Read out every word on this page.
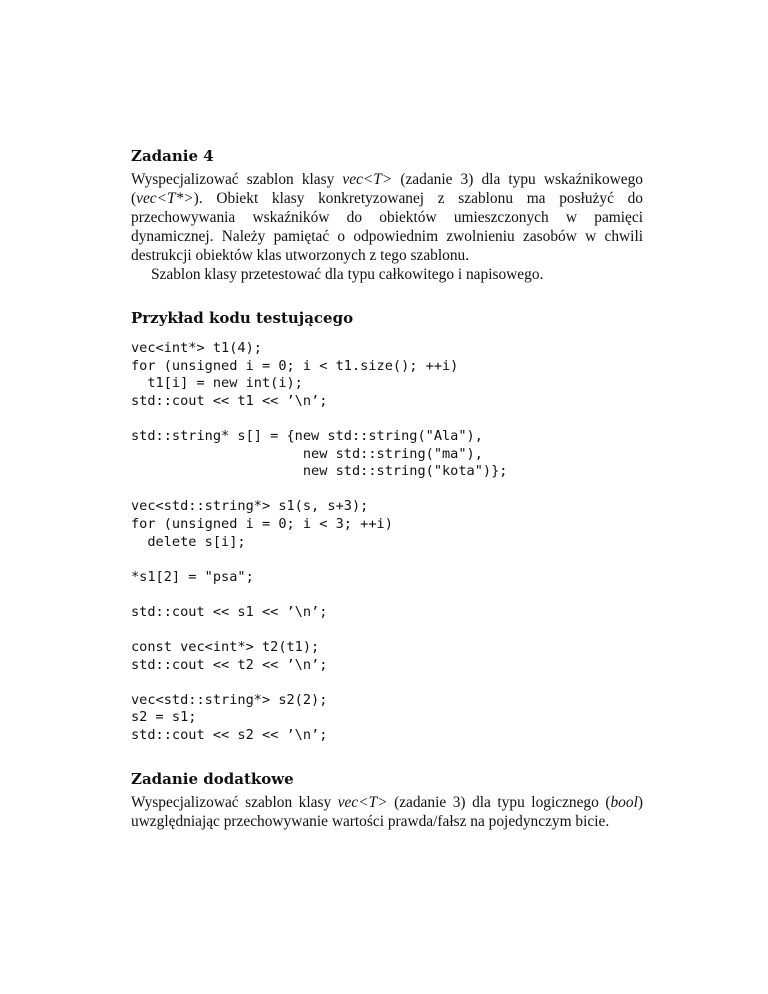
Zadanie 4

Wyspecjalizować szablon klasy vec<T> (zadanie 3) dla typu wskaźnikowego (vec<T*>). Obiekt klasy konkretyzowanej z szablonu ma posłużyć do przechowywania wskaźników do obiektów umieszczonych w pamięci dynamicznej. Należy pamiętać o odpowiednim zwolnieniu zasobów w chwili destrukcji obiektów klas utworzonych z tego szablonu.

Szablon klasy przetestować dla typu całkowitego i napisowego.

Przykład kodu testującego
vec<int*> t1(4);
for (unsigned i = 0; i < t1.size(); ++i)
t1[i] = new int(i);
std::cout << t1 << ’\n’;
std::string* s[] = {new std::string("Ala"),
new std::string("ma"),
new std::string("kota")};
vec<std::string*> s1(s, s+3);
for (unsigned i = 0; i < 3; ++i)
delete s[i];
*s1[2] = "psa";
std::cout << s1 << ’\n’;
const vec<int*> t2(t1);
std::cout << t2 << ’\n’;
vec<std::string*> s2(2);
s2 = s1;
std::cout << s2 << ’\n’;
Zadanie dodatkowe

Wyspecjalizować szablon klasy vec<T> (zadanie 3) dla typu logicznego (bool) uwzględniając przechowywanie wartości prawda/fałsz na pojedynczym bicie.
